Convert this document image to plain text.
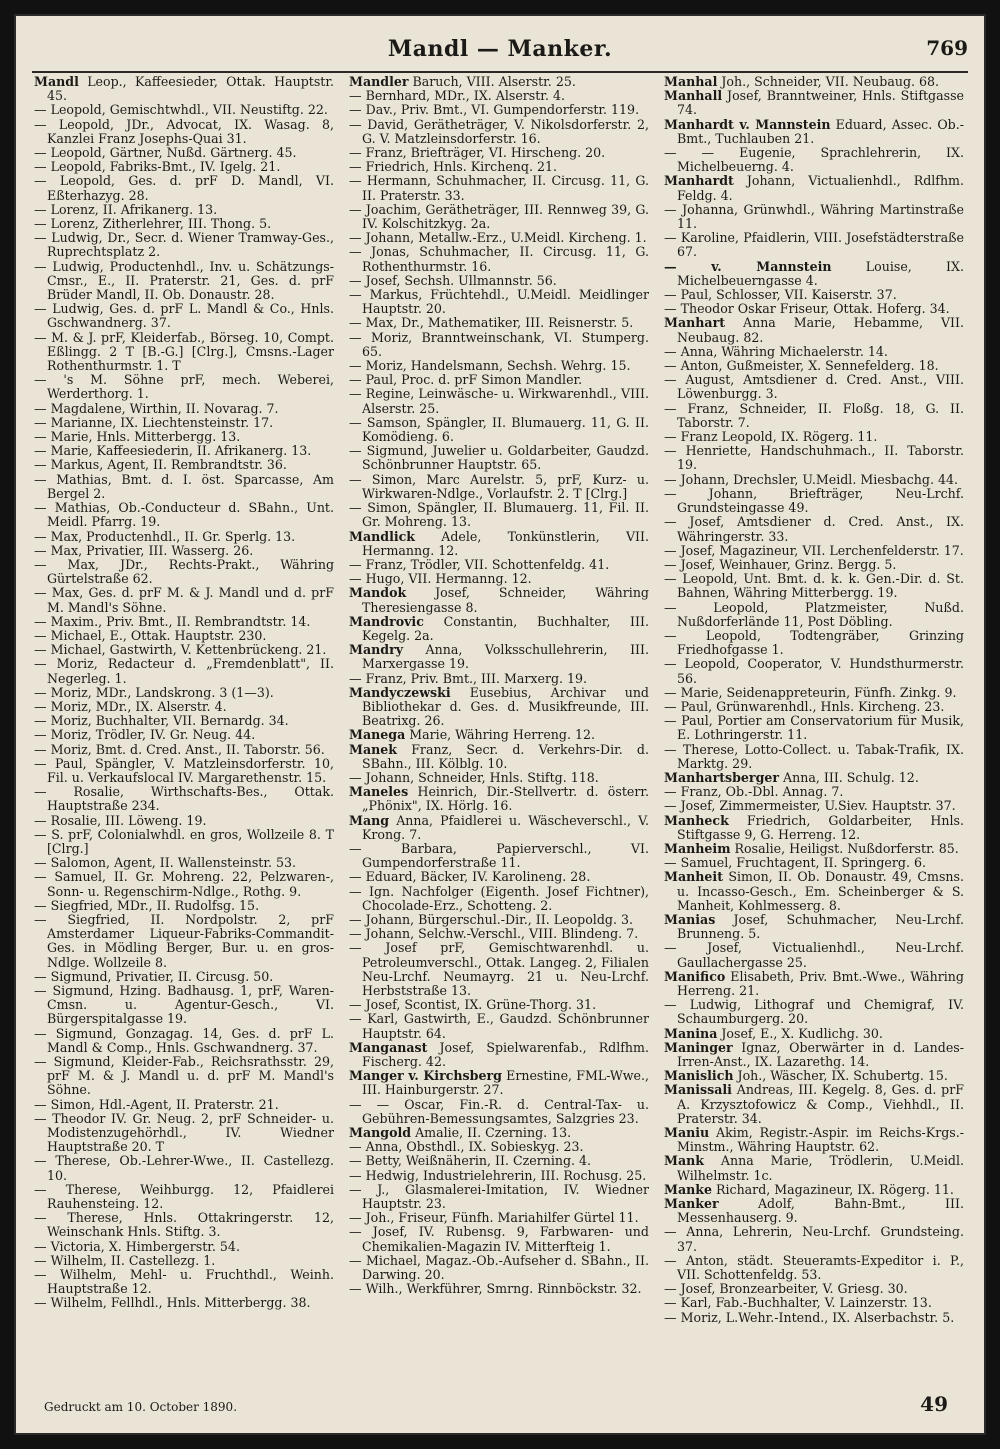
Mandl — Manker.	769

Mandl Leop., Kaffeesieder, Ottak. Hauptstr. 45.

— Leopold, Gemischtwhdl., VII. Neustiftg. 22.

— Leopold, JDr., Advocat, IX. Wasag. 8, Kanzlei Franz Josephs-Quai 31.

— Leopold, Gärtner, Nußd. Gärtnerg. 45.

— Leopold, Fabriks-Bmt., IV. Igelg. 21.

— Leopold, Ges. d. prF D. Mandl, VI. Eßterhazyg. 28.

— Lorenz, II. Afrikanerg. 13.

— Lorenz, Zitherlehrer, III. Thong. 5.

— Ludwig, Dr., Secr. d. Wiener Tramway-Ges., Ruprechtsplatz 2.

— Ludwig, Productenhdl., Inv. u. Schätzungs-Cmsr., E., II. Praterstr. 21, Ges. d. prF Brüder Mandl, II. Ob. Donaustr. 28.

— Ludwig, Ges. d. prF L. Mandl & Co., Hnls. Gschwandnerg. 37.

— M. & J. prF, Kleiderfab., Börseg. 10, Compt. Eßlingg. 2 T [B.-G.] [Clrg.], Cmsns.-Lager Rothenthurmstr. 1. T

— 's M. Söhne prF, mech. Weberei, Werderthorg. 1.

— Magdalene, Wirthin, II. Novarag. 7.

— Marianne, IX. Liechtensteinstr. 17.

— Marie, Hnls. Mitterbergg. 13.

— Marie, Kaffeesiederin, II. Afrikanerg. 13.

— Markus, Agent, II. Rembrandtstr. 36.

— Mathias, Bmt. d. I. öst. Sparcasse, Am Bergel 2.

— Mathias, Ob.-Conducteur d. SBahn., Unt. Meidl. Pfarrg. 19.

— Max, Productenhdl., II. Gr. Sperlg. 13.

— Max, Privatier, III. Wasserg. 26.

— Max, JDr., Rechts-Prakt., Währing Gürtelstraße 62.

— Max, Ges. d. prF M. & J. Mandl und d. prF M. Mandl's Söhne.

— Maxim., Priv. Bmt., II. Rembrandtstr. 14.

— Michael, E., Ottak. Hauptstr. 230.

— Michael, Gastwirth, V. Kettenbrückeng. 21.

— Moriz, Redacteur d. „Fremdenblatt", II. Negerleg. 1.

— Moriz, MDr., Landskrong. 3 (1—3).

— Moriz, MDr., IX. Alserstr. 4.

— Moriz, Buchhalter, VII. Bernardg. 34.

— Moriz, Trödler, IV. Gr. Neug. 44.

— Moriz, Bmt. d. Cred. Anst., II. Taborstr. 56.

— Paul, Spängler, V. Matzleinsdorferstr. 10, Fil. u. Verkaufslocal IV. Margarethenstr. 15.

— Rosalie, Wirthschafts-Bes., Ottak. Hauptstraße 234.

— Rosalie, III. Löweng. 19.

— S. prF, Colonialwhdl. en gros, Wollzeile 8. T [Clrg.]

— Salomon, Agent, II. Wallensteinstr. 53.

— Samuel, II. Gr. Mohreng. 22, Pelzwaren-, Sonn- u. Regenschirm-Ndlge., Rothg. 9.

— Siegfried, MDr., II. Rudolfsg. 15.

— Siegfried, II. Nordpolstr. 2, prF Amsterdamer Liqueur-Fabriks-Commandit-Ges. in Mödling Berger, Bur. u. en gros-Ndlge. Wollzeile 8.

— Sigmund, Privatier, II. Circusg. 50.

— Sigmund, Hzing. Badhausg. 1, prF, Waren-Cmsn. u. Agentur-Gesch., VI. Bürgerspitalgasse 19.

— Sigmund, Gonzagag. 14, Ges. d. prF L. Mandl & Comp., Hnls. Gschwandnerg. 37.

— Sigmund, Kleider-Fab., Reichsrathsstr. 29, prF M. & J. Mandl u. d. prF M. Mandl's Söhne.

— Simon, Hdl.-Agent, II. Praterstr. 21.

— Theodor IV. Gr. Neug. 2, prF Schneider- u. Modistenzugehörhdl., IV. Wiedner Hauptstraße 20. T

— Therese, Ob.-Lehrer-Wwe., II. Castellezg. 10.

— Therese, Weihburgg. 12, Pfaidlerei Rauhensteing. 12.

— Therese, Hnls. Ottakringerstr. 12, Weinschank Hnls. Stiftg. 3.

— Victoria, X. Himbergerstr. 54.

— Wilhelm, II. Castellezg. 1.

— Wilhelm, Mehl- u. Fruchthdl., Weinh. Hauptstraße 12.

— Wilhelm, Fellhdl., Hnls. Mitterbergg. 38.

Mandler Baruch, VIII. Alserstr. 25.

— Bernhard, MDr., IX. Alserstr. 4.

— Dav., Priv. Bmt., VI. Gumpendorferstr. 119.

— David, Gerätheträger, V. Nikolsdorferstr. 2, G. V. Matzleinsdorferstr. 16.

— Franz, Briefträger, VI. Hirscheng. 20.

— Friedrich, Hnls. Kirchenq. 21.

— Hermann, Schuhmacher, II. Circusg. 11, G. II. Praterstr. 33.

— Joachim, Gerätheträger, III. Rennweg 39, G. IV. Kolschitzkyg. 2a.

— Johann, Metallw.-Erz., U.Meidl. Kircheng. 1.

— Jonas, Schuhmacher, II. Circusg. 11, G. Rothenthurmstr. 16.

— Josef, Sechsh. Ullmannstr. 56.

— Markus, Früchtehdl., U.Meidl. Meidlinger Hauptstr. 20.

— Max, Dr., Mathematiker, III. Reisnerstr. 5.

— Moriz, Branntweinschank, VI. Stumperg. 65.

— Moriz, Handelsmann, Sechsh. Wehrg. 15.

— Paul, Proc. d. prF Simon Mandler.

— Regine, Leinwäsche- u. Wirkwarenhdl., VIII. Alserstr. 25.

— Samson, Spängler, II. Blumauerg. 11, G. II. Komödieng. 6.

— Sigmund, Juwelier u. Goldarbeiter, Gaudzd. Schönbrunner Hauptstr. 65.

— Simon, Marc Aurelstr. 5, prF, Kurz- u. Wirkwaren-Ndlge., Vorlaufstr. 2. T [Clrg.]

— Simon, Spängler, II. Blumauerg. 11, Fil. II. Gr. Mohreng. 13.

Mandlick Adele, Tonkünstlerin, VII. Hermanng. 12.

— Franz, Trödler, VII. Schottenfeldg. 41.

— Hugo, VII. Hermanng. 12.

Mandok Josef, Schneider, Währing Theresiengasse 8.

Mandrovic Constantin, Buchhalter, III. Kegelg. 2a.

Mandry Anna, Volksschullehrerin, III. Marxergasse 19.

— Franz, Priv. Bmt., III. Marxerg. 19.

Mandyczewski Eusebius, Archivar und Bibliothekar d. Ges. d. Musikfreunde, III. Beatrixg. 26.

Manega Marie, Währing Herreng. 12.

Manek Franz, Secr. d. Verkehrs-Dir. d. SBahn., III. Kölblg. 10.

— Johann, Schneider, Hnls. Stiftg. 118.

Maneles Heinrich, Dir.-Stellvertr. d. österr. „Phönix", IX. Hörlg. 16.

Mang Anna, Pfaidlerei u. Wäscheverschl., V. Krong. 7.

— Barbara, Papierverschl., VI. Gumpendorferstraße 11.

— Eduard, Bäcker, IV. Karolineng. 28.

— Ign. Nachfolger (Eigenth. Josef Fichtner), Chocolade-Erz., Schotteng. 2.

— Johann, Bürgerschul.-Dir., II. Leopoldg. 3.

— Johann, Selchw.-Verschl., VIII. Blindeng. 7.

— Josef prF, Gemischtwarenhdl. u. Petroleumverschl., Ottak. Langeg. 2, Filialen Neu-Lrchf. Neumayrg. 21 u. Neu-Lrchf. Herbststraße 13.

— Josef, Scontist, IX. Grüne-Thorg. 31.

— Karl, Gastwirth, E., Gaudzd. Schönbrunner Hauptstr. 64.

Manganast Josef, Spielwarenfab., Rdlfhm. Fischerg. 42.

Manger v. Kirchsberg Ernestine, FML-Wwe., III. Hainburgerstr. 27.

— — Oscar, Fin.-R. d. Central-Tax- u. Gebühren-Bemessungsamtes, Salzgries 23.

Mangold Amalie, II. Czerning. 13.

— Anna, Obsthdl., IX. Sobieskyg. 23.

— Betty, Weißnäherin, II. Czerning. 4.

— Hedwig, Industrielehrerin, III. Rochusg. 25.

— J., Glasmalerei-Imitation, IV. Wiedner Hauptstr. 23.

— Joh., Friseur, Fünfh. Mariahilfer Gürtel 11.

— Josef, IV. Rubensg. 9, Farbwaren- und Chemikalien-Magazin IV. Mitterfteig 1.

— Michael, Magaz.-Ob.-Aufseher d. SBahn., II. Darwing. 20.

— Wilh., Werkführer, Smrng. Rinnböckstr. 32.

Manhal Joh., Schneider, VII. Neubaug. 68.

Manhall Josef, Branntweiner, Hnls. Stiftgasse 74.

Manhardt v. Mannstein Eduard, Assec. Ob.-Bmt., Tuchlauben 21.

— — Eugenie, Sprachlehrerin, IX. Michelbeuerng. 4.

Manhardt Johann, Victualienhdl., Rdlfhm. Feldg. 4.

— Johanna, Grünwhdl., Währing Martinstraße 11.

— Karoline, Pfaidlerin, VIII. Josefstädterstraße 67.

— v. Mannstein Louise, IX. Michelbeuerngasse 4.

— Paul, Schlosser, VII. Kaiserstr. 37.

— Theodor Oskar Friseur, Ottak. Hoferg. 34.

Manhart Anna Marie, Hebamme, VII. Neubaug. 82.

— Anna, Währing Michaelerstr. 14.

— Anton, Gußmeister, X. Sennefelderg. 18.

— August, Amtsdiener d. Cred. Anst., VIII. Löwenburgg. 3.

— Franz, Schneider, II. Floßg. 18, G. II. Taborstr. 7.

— Franz Leopold, IX. Rögerg. 11.

— Henriette, Handschuhmach., II. Taborstr. 19.

— Johann, Drechsler, U.Meidl. Miesbachg. 44.

— Johann, Briefträger, Neu-Lrchf. Grundsteingasse 49.

— Josef, Amtsdiener d. Cred. Anst., IX. Währingerstr. 33.

— Josef, Magazineur, VII. Lerchenfelderstr. 17.

— Josef, Weinhauer, Grinz. Bergg. 5.

— Leopold, Unt. Bmt. d. k. k. Gen.-Dir. d. St. Bahnen, Währing Mitterbergg. 19.

— Leopold, Platzmeister, Nußd. Nußdorferlände 11, Post Döbling.

— Leopold, Todtengräber, Grinzing Friedhofgasse 1.

— Leopold, Cooperator, V. Hundsthurmerstr. 56.

— Marie, Seidenappreteurin, Fünfh. Zinkg. 9.

— Paul, Grünwarenhdl., Hnls. Kircheng. 23.

— Paul, Portier am Conservatorium für Musik, E. Lothringerstr. 11.

— Therese, Lotto-Collect. u. Tabak-Trafik, IX. Marktg. 29.

Manhartsberger Anna, III. Schulg. 12.

— Franz, Ob.-Dbl. Annag. 7.

— Josef, Zimmermeister, U.Siev. Hauptstr. 37.

Manheck Friedrich, Goldarbeiter, Hnls. Stiftgasse 9, G. Herreng. 12.

Manheim Rosalie, Heiligst. Nußdorferstr. 85.

— Samuel, Fruchtagent, II. Springerg. 6.

Manheit Simon, II. Ob. Donaustr. 49, Cmsns. u. Incasso-Gesch., Em. Scheinberger & S. Manheit, Kohlmesserg. 8.

Manias Josef, Schuhmacher, Neu-Lrchf. Brunneng. 5.

— Josef, Victualienhdl., Neu-Lrchf. Gaullachergasse 25.

Manifico Elisabeth, Priv. Bmt.-Wwe., Währing Herreng. 21.

— Ludwig, Lithograf und Chemigraf, IV. Schaumburgerg. 20.

Manina Josef, E., X. Kudlichg. 30.

Maninger Ignaz, Oberwärter in d. Landes-Irren-Anst., IX. Lazarethg. 14.

Manislich Joh., Wäscher, IX. Schubertg. 15.

Manissali Andreas, III. Kegelg. 8, Ges. d. prF A. Krzysztofowicz & Comp., Viehhdl., II. Praterstr. 34.

Maniu Akim, Registr.-Aspir. im Reichs-Krgs.-Minstm., Währing Hauptstr. 62.

Mank Anna Marie, Trödlerin, U.Meidl. Wilhelmstr. 1c.

Manke Richard, Magazineur, IX. Rögerg. 11.

Manker Adolf, Bahn-Bmt., III. Messenhauserg. 9.

— Anna, Lehrerin, Neu-Lrchf. Grundsteing. 37.

— Anton, städt. Steueramts-Expeditor i. P., VII. Schottenfeldg. 53.

— Josef, Bronzearbeiter, V. Griesg. 30.

— Karl, Fab.-Buchhalter, V. Lainzerstr. 13.

— Moriz, L.Wehr.-Intend., IX. Alserbachstr. 5.

Gedruckt am 10. October 1890.	49
